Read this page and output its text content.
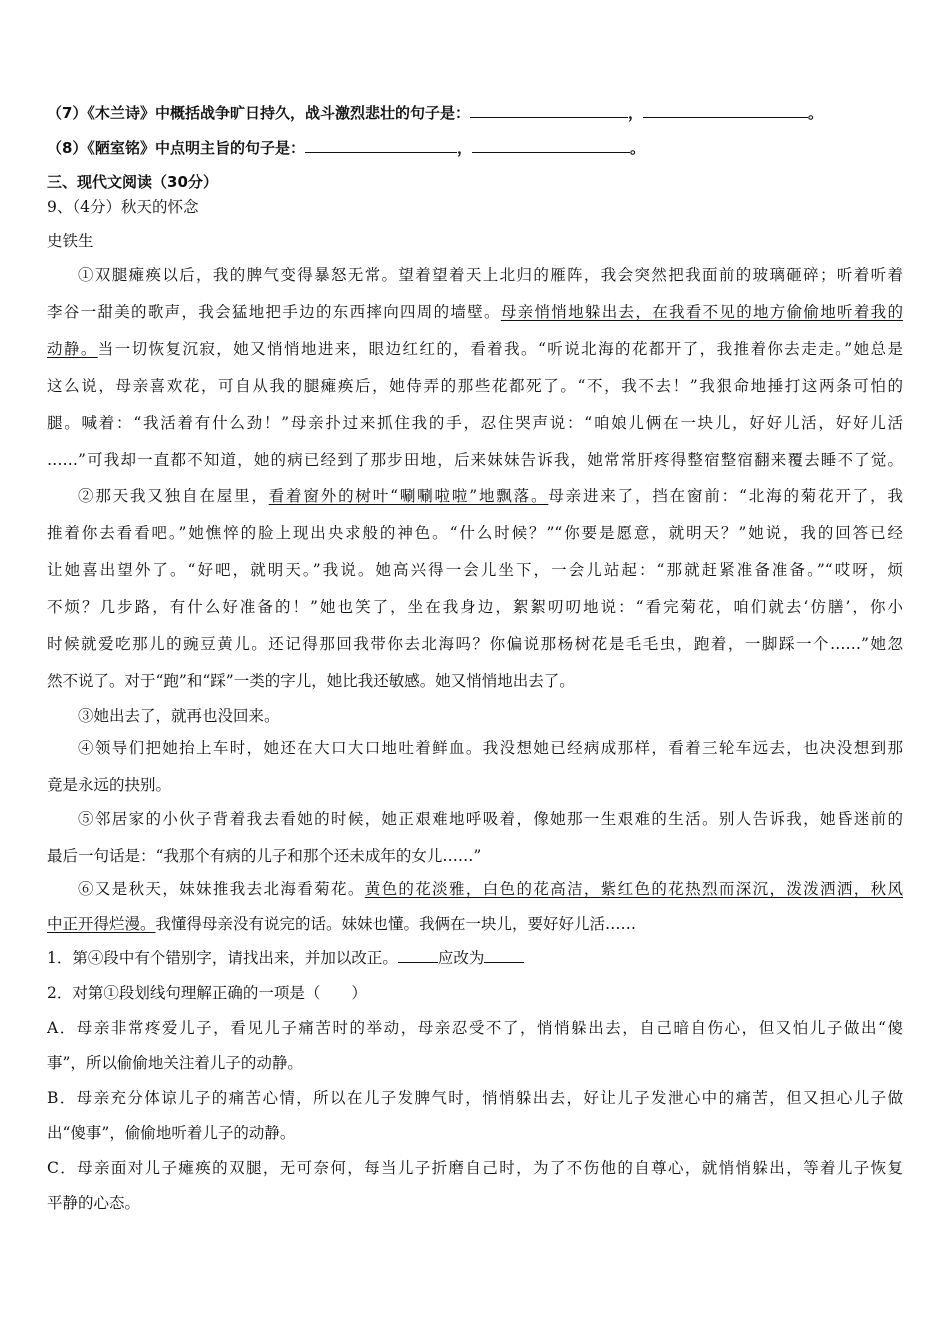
（7）《木兰诗》中概括战争旷日持久，战斗激烈悲壮的句子是：	，	。
（8）《陋室铭》中点明主旨的句子是：	，	。
三、现代文阅读（30分）
9、（4分）秋天的怀念
史铁生
①双腿瘫痪以后，我的脾气变得暴怒无常。望着望着天上北归的雁阵，我会突然把我面前的玻璃砸碎；听着听着
李谷一甜美的歌声，我会猛地把手边的东西摔向四周的墙壁。母亲悄悄地躲出去，在我看不见的地方偷偷地听着我的
动静。当一切恢复沉寂，她又悄悄地进来，眼边红红的，看着我。“听说北海的花都开了，我推着你去走走。”她总是
这么说，母亲喜欢花，可自从我的腿瘫痪后，她侍弄的那些花都死了。“不，我不去！”我狠命地捶打这两条可怕的
腿。喊着：“我活着有什么劲！”母亲扑过来抓住我的手，忍住哭声说：“咱娘儿俩在一块儿，好好儿活，好好儿活
……”可我却一直都不知道，她的病已经到了那步田地，后来妹妹告诉我，她常常肝疼得整宿整宿翻来覆去睡不了觉。
②那天我又独自在屋里，看着窗外的树叶“唰唰啦啦”地飘落。母亲进来了，挡在窗前：“北海的菊花开了，我
推着你去看看吧。”她憔悴的脸上现出央求般的神色。“什么时候？”“你要是愿意，就明天？”她说，我的回答已经
让她喜出望外了。“好吧，就明天。”我说。她高兴得一会儿坐下，一会儿站起：“那就赶紧准备准备。”“哎呀，烦
不烦？几步路，有什么好准备的！”她也笑了，坐在我身边，絮絮叨叨地说：“看完菊花，咱们就去‘仿膳’，你小
时候就爱吃那儿的豌豆黄儿。还记得那回我带你去北海吗？你偏说那杨树花是毛毛虫，跑着，一脚踩一个……”她忽
然不说了。对于“跑”和“踩”一类的字儿，她比我还敏感。她又悄悄地出去了。
③她出去了，就再也没回来。
④领导们把她抬上车时，她还在大口大口地吐着鲜血。我没想她已经病成那样，看着三轮车远去，也决没想到那
竟是永远的抉别。
⑤邻居家的小伙子背着我去看她的时候，她正艰难地呼吸着，像她那一生艰难的生活。别人告诉我，她昏迷前的
最后一句话是：“我那个有病的儿子和那个还未成年的女儿……”
⑥又是秋天，妹妹推我去北海看菊花。黄色的花淡雅，白色的花高洁，紫红色的花热烈而深沉，泼泼洒洒，秋风
中正开得烂漫。我懂得母亲没有说完的话。妹妹也懂。我俩在一块儿，要好好儿活……
1．第④段中有个错别字，请找出来，并加以改正。	应改为
2．对第①段划线句理解正确的一项是（　　）
A．母亲非常疼爱儿子，看见儿子痛苦时的举动，母亲忍受不了，悄悄躲出去，自己暗自伤心，但又怕儿子做出“傻
事”，所以偷偷地关注着儿子的动静。
B．母亲充分体谅儿子的痛苦心情，所以在儿子发脾气时，悄悄躲出去，好让儿子发泄心中的痛苦，但又担心儿子做
出“傻事”，偷偷地听着儿子的动静。
C．母亲面对儿子瘫痪的双腿，无可奈何，每当儿子折磨自己时，为了不伤他的自尊心，就悄悄躲出，等着儿子恢复
平静的心态。
